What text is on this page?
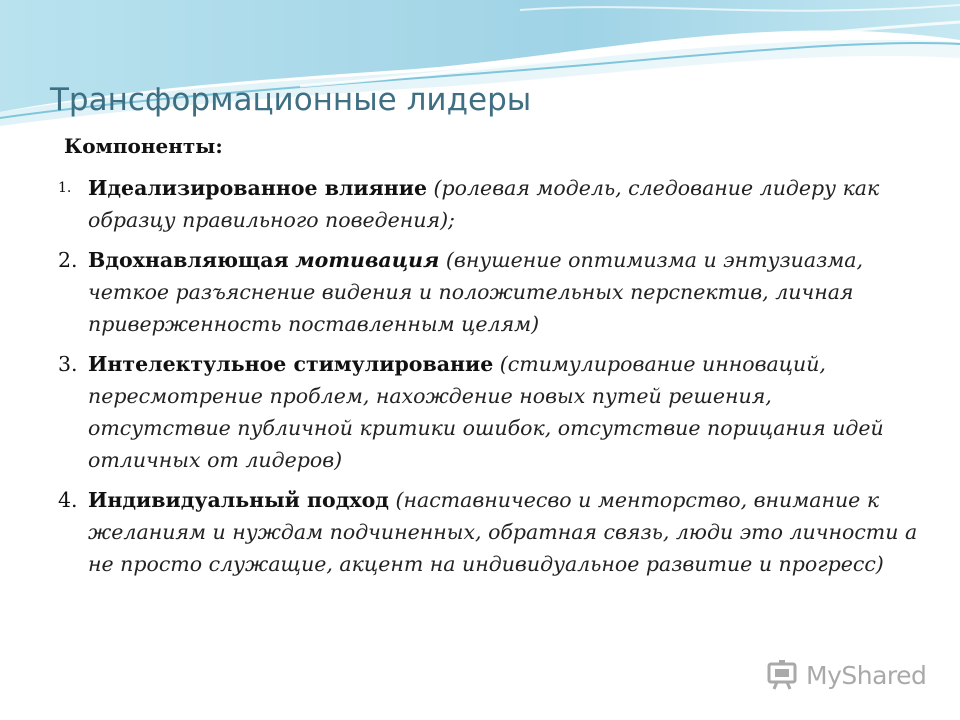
Трансформационные лидеры
Компоненты:
1. Идеализированное влияние (ролевая модель, следование лидеру как образцу правильного поведения);
2. Вдохнавляющая мотивация (внушение оптимизма и энтузиазма, четкое разъяснение видения и положительных перспектив, личная приверженность поставленным целям)
3. Интелектульное стимулирование (стимулирование инноваций, пересмотрение проблем, нахождение новых путей решения, отсутствие публичной критики ошибок, отсутствие порицания идей отличных от лидеров)
4. Индивидуальный подход (наставничесво и менторство, внимание к желаниям и нуждам подчиненных, обратная связь, люди это личности а не просто служащие, акцент на индивидуальное развитие и прогресс)
MyShared
